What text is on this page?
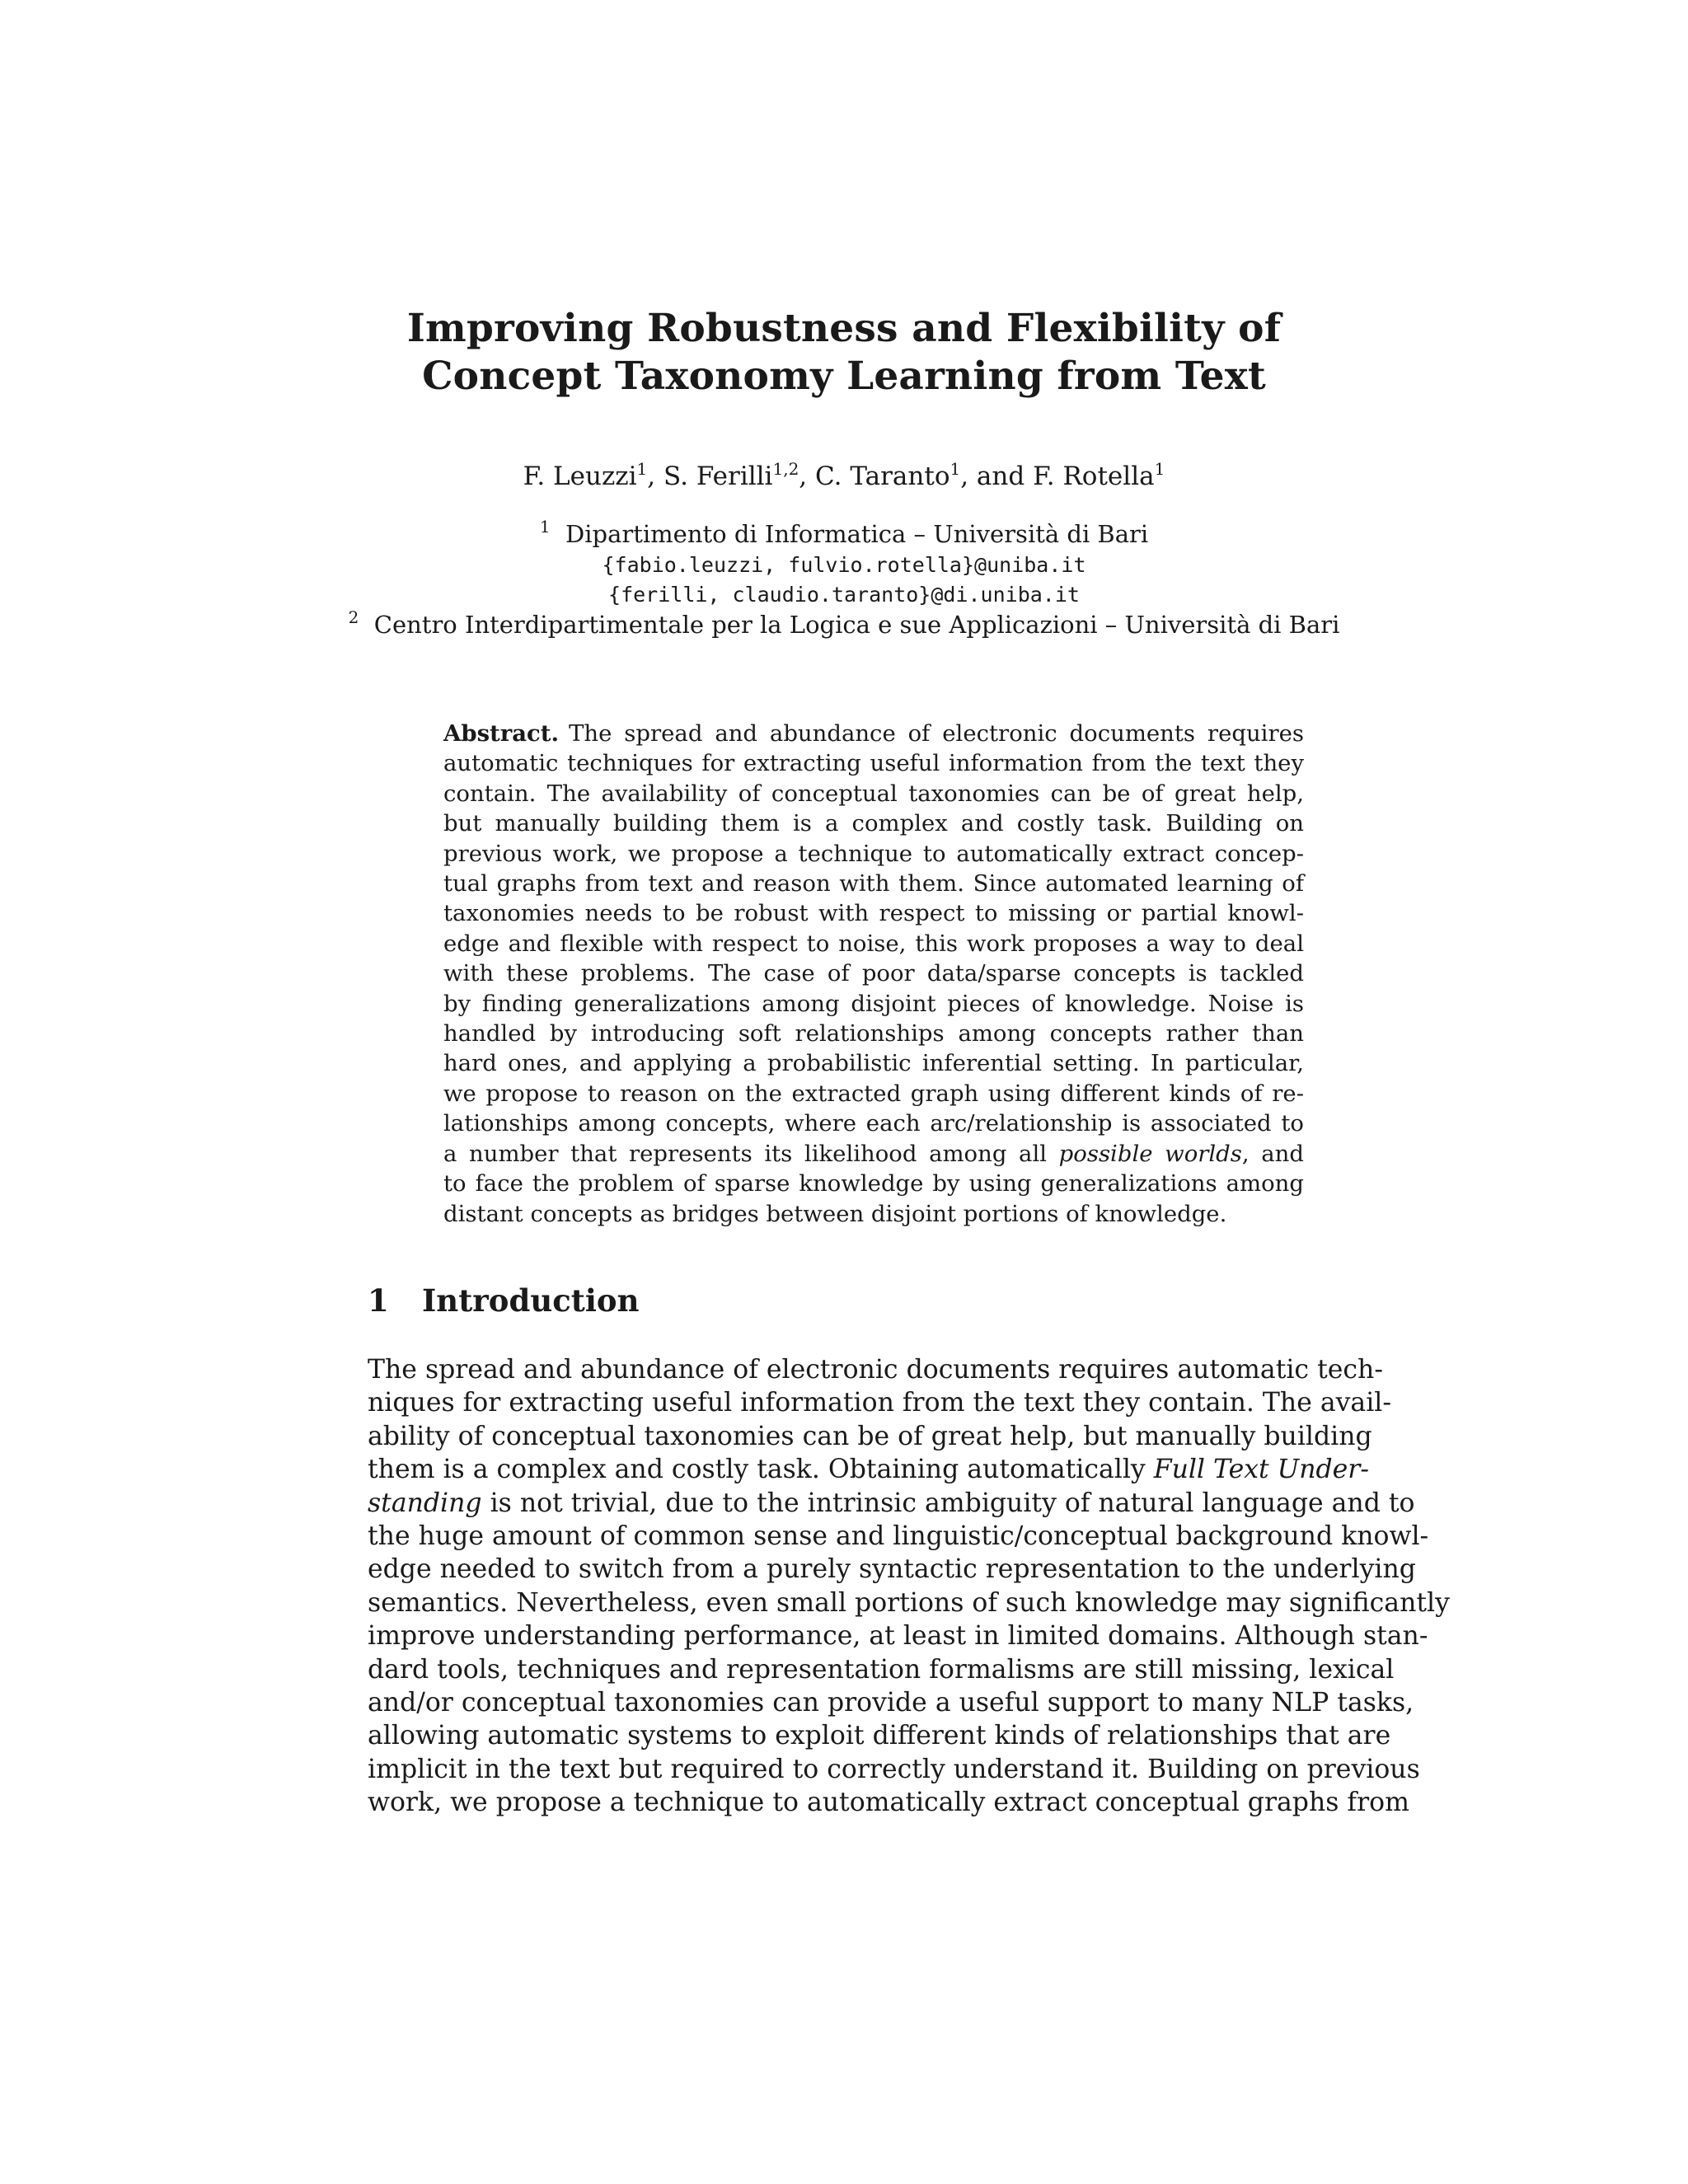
Improving Robustness and Flexibility of
Concept Taxonomy Learning from Text
F. Leuzzi$^1$, S. Ferilli$^{1,2}$, C. Taranto$^1$, and F. Rotella$^1$
$^1$ Dipartimento di Informatica – Università di Bari
{fabio.leuzzi, fulvio.rotella}@uniba.it
{ferilli, claudio.taranto}@di.uniba.it
$^2$ Centro Interdipartimentale per la Logica e sue Applicazioni – Università di Bari
Abstract. The spread and abundance of electronic documents requires
automatic techniques for extracting useful information from the text they
contain. The availability of conceptual taxonomies can be of great help,
but manually building them is a complex and costly task. Building on
previous work, we propose a technique to automatically extract concep-
tual graphs from text and reason with them. Since automated learning of
taxonomies needs to be robust with respect to missing or partial knowl-
edge and flexible with respect to noise, this work proposes a way to deal
with these problems. The case of poor data/sparse concepts is tackled
by finding generalizations among disjoint pieces of knowledge. Noise is
handled by introducing soft relationships among concepts rather than
hard ones, and applying a probabilistic inferential setting. In particular,
we propose to reason on the extracted graph using different kinds of re-
lationships among concepts, where each arc/relationship is associated to
a number that represents its likelihood among all possible worlds, and
to face the problem of sparse knowledge by using generalizations among
distant concepts as bridges between disjoint portions of knowledge.
1 Introduction
The spread and abundance of electronic documents requires automatic tech-
niques for extracting useful information from the text they contain. The avail-
ability of conceptual taxonomies can be of great help, but manually building
them is a complex and costly task. Obtaining automatically Full Text Under-
standing is not trivial, due to the intrinsic ambiguity of natural language and to
the huge amount of common sense and linguistic/conceptual background knowl-
edge needed to switch from a purely syntactic representation to the underlying
semantics. Nevertheless, even small portions of such knowledge may significantly
improve understanding performance, at least in limited domains. Although stan-
dard tools, techniques and representation formalisms are still missing, lexical
and/or conceptual taxonomies can provide a useful support to many NLP tasks,
allowing automatic systems to exploit different kinds of relationships that are
implicit in the text but required to correctly understand it. Building on previous
work, we propose a technique to automatically extract conceptual graphs from
